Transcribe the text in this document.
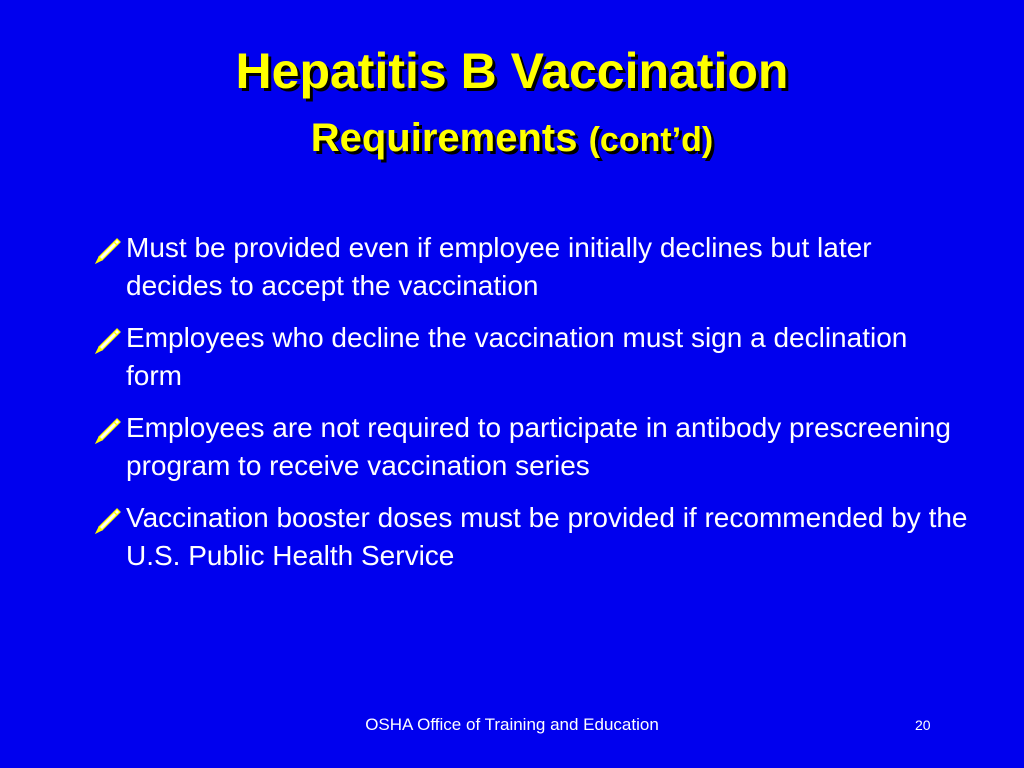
Hepatitis B Vaccination
Requirements (cont’d)
Must be provided even if employee initially declines but later decides to accept the vaccination
Employees who decline the vaccination must sign a declination form
Employees are not required to participate in antibody prescreening program to receive vaccination series
Vaccination booster doses must be provided if recommended by the U.S. Public Health Service
OSHA Office of Training and Education	20
